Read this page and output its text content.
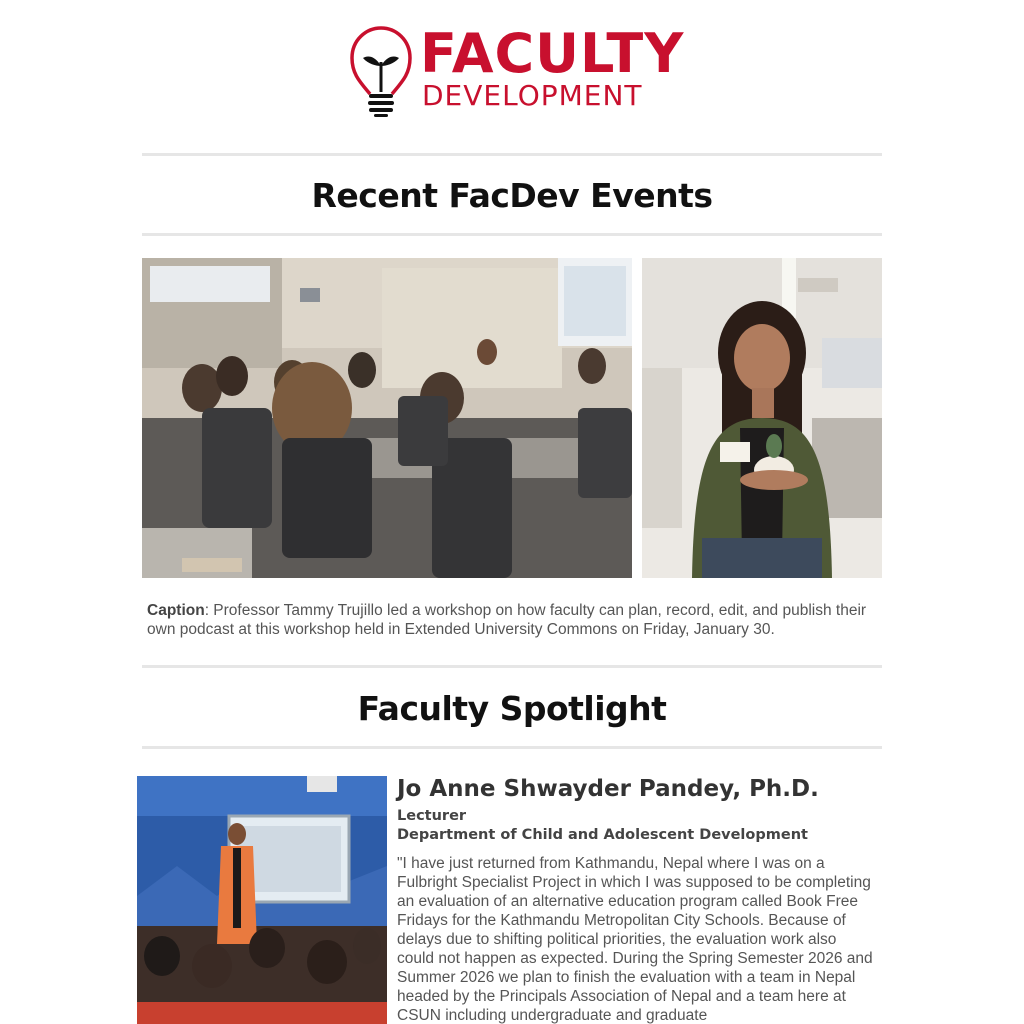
FACULTY
DEVELOPMENT
Recent FacDev Events
Caption: Professor Tammy Trujillo led a workshop on how faculty can plan, record, edit, and publish their own podcast at this workshop held in Extended University Commons on Friday, January 30.
Faculty Spotlight
Jo Anne Shwayder Pandey, Ph.D.
Lecturer
Department of Child and Adolescent Development
"I have just returned from Kathmandu, Nepal where I was on a Fulbright Specialist Project in which I was supposed to be completing an evaluation of an alternative education program called Book Free Fridays for the Kathmandu Metropolitan City Schools. Because of delays due to shifting political priorities, the evaluation work also could not happen as expected. During the Spring Semester 2026 and Summer 2026 we plan to finish the evaluation with a team in Nepal headed by the Principals Association of Nepal and a team here at CSUN including undergraduate and graduate
